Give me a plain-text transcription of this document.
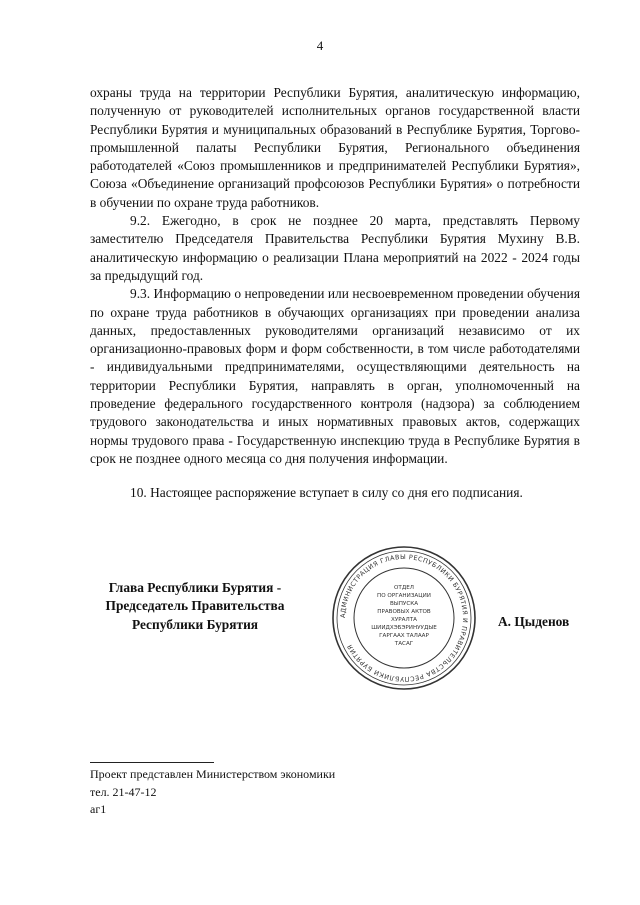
4

охраны труда на территории Республики Бурятия, аналитическую информацию, полученную от руководителей исполнительных органов государственной власти Республики Бурятия и муниципальных образований в Республике Бурятия, Торгово-промышленной палаты Республики Бурятия, Регионального объединения работодателей «Союз промышленников и предпринимателей Республики Бурятия», Союза «Объединение организаций профсоюзов Республики Бурятия» о потребности в обучении по охране труда работников.

9.2. Ежегодно, в срок не позднее 20 марта, представлять Первому заместителю Председателя Правительства Республики Бурятия Мухину В.В. аналитическую информацию о реализации Плана мероприятий на 2022 - 2024 годы за предыдущий год.

9.3. Информацию о непроведении или несвоевременном проведении обучения по охране труда работников в обучающих организациях при проведении анализа данных, предоставленных руководителями организаций независимо от их организационно-правовых форм и форм собственности, в том числе работодателями - индивидуальными предпринимателями, осуществляющими деятельность на территории Республики Бурятия, направлять в орган, уполномоченный на проведение федерального государственного контроля (надзора) за соблюдением трудового законодательства и иных нормативных правовых актов, содержащих нормы трудового права - Государственную инспекцию труда в Республике Бурятия в срок не позднее одного месяца со дня получения информации.

10. Настоящее распоряжение вступает в силу со дня его подписания.

Глава Республики Бурятия -
Председатель Правительства
Республики Бурятия
АДМИНИСТРАЦИЯ ГЛАВЫ РЕСПУБЛИКИ БУРЯТИЯ И ПРАВИТЕЛЬСТВА РЕСПУБЛИКИ БУРЯТИЯ
ОТДЕЛ
ПО ОРГАНИЗАЦИИ
ВЫПУСКА
ПРАВОВЫХ АКТОВ
ХУРАЛТА
ШИИДХЭБЭРИНУУДЫЕ
ГАРГААХ ТАЛААР
ТАСАГ
А. Цыденов
Проект представлен Министерством экономики
тел. 21-47-12
аг1
